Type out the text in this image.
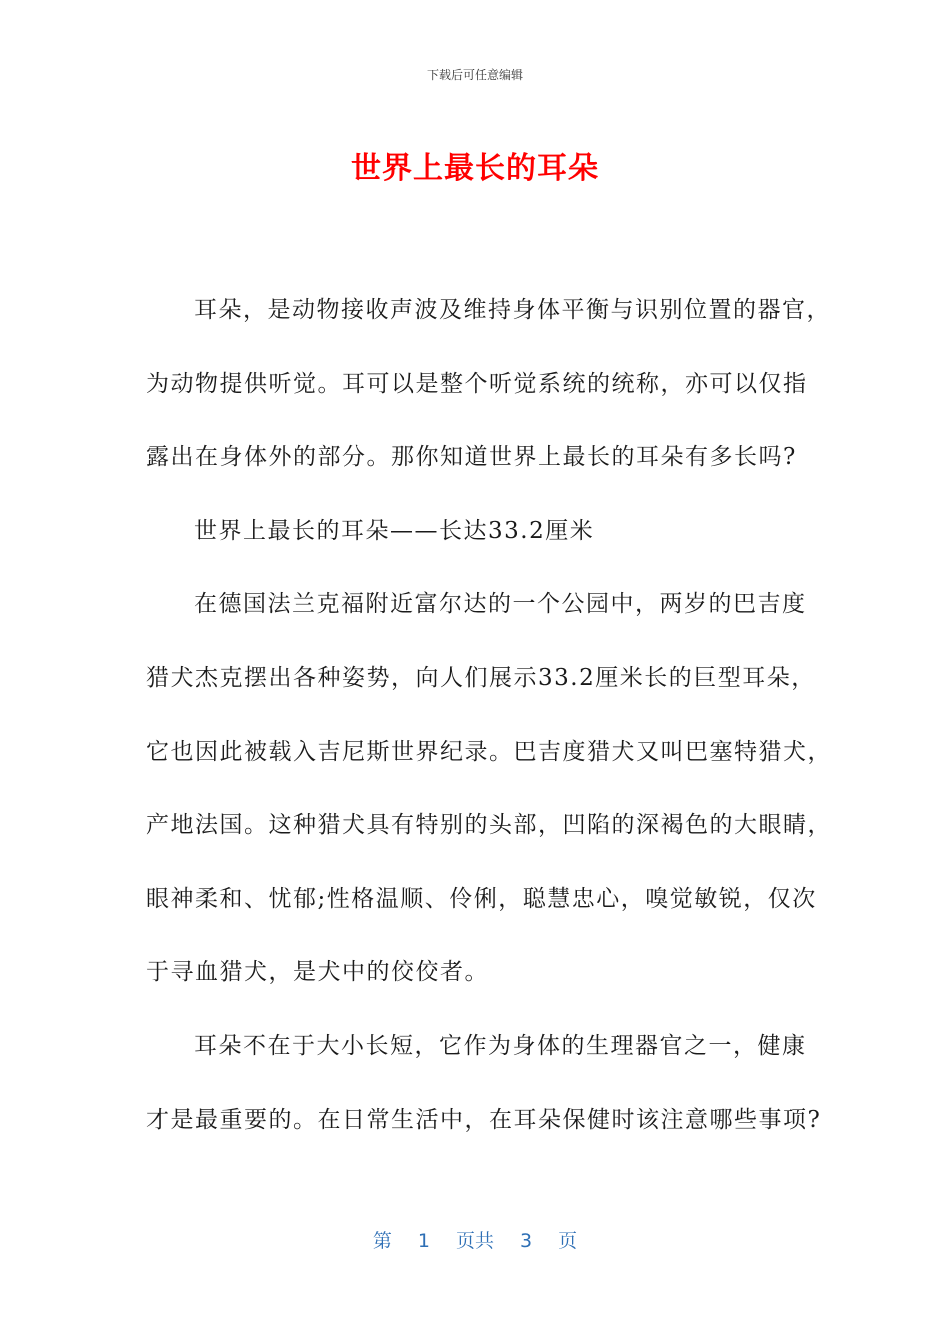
下载后可任意编辑
世界上最长的耳朵

耳朵，是动物接收声波及维持身体平衡与识别位置的器官，
为动物提供听觉。耳可以是整个听觉系统的统称，亦可以仅指
露出在身体外的部分。那你知道世界上最长的耳朵有多长吗?

世界上最长的耳朵——长达33.2厘米

在德国法兰克福附近富尔达的一个公园中，两岁的巴吉度
猎犬杰克摆出各种姿势，向人们展示33.2厘米长的巨型耳朵，
它也因此被载入吉尼斯世界纪录。巴吉度猎犬又叫巴塞特猎犬，
产地法国。这种猎犬具有特别的头部，凹陷的深褐色的大眼睛，
眼神柔和、忧郁;性格温顺、伶俐，聪慧忠心，嗅觉敏锐，仅次
于寻血猎犬，是犬中的佼佼者。

耳朵不在于大小长短，它作为身体的生理器官之一，健康
才是最重要的。在日常生活中，在耳朵保健时该注意哪些事项?

第 1 页共 3 页
